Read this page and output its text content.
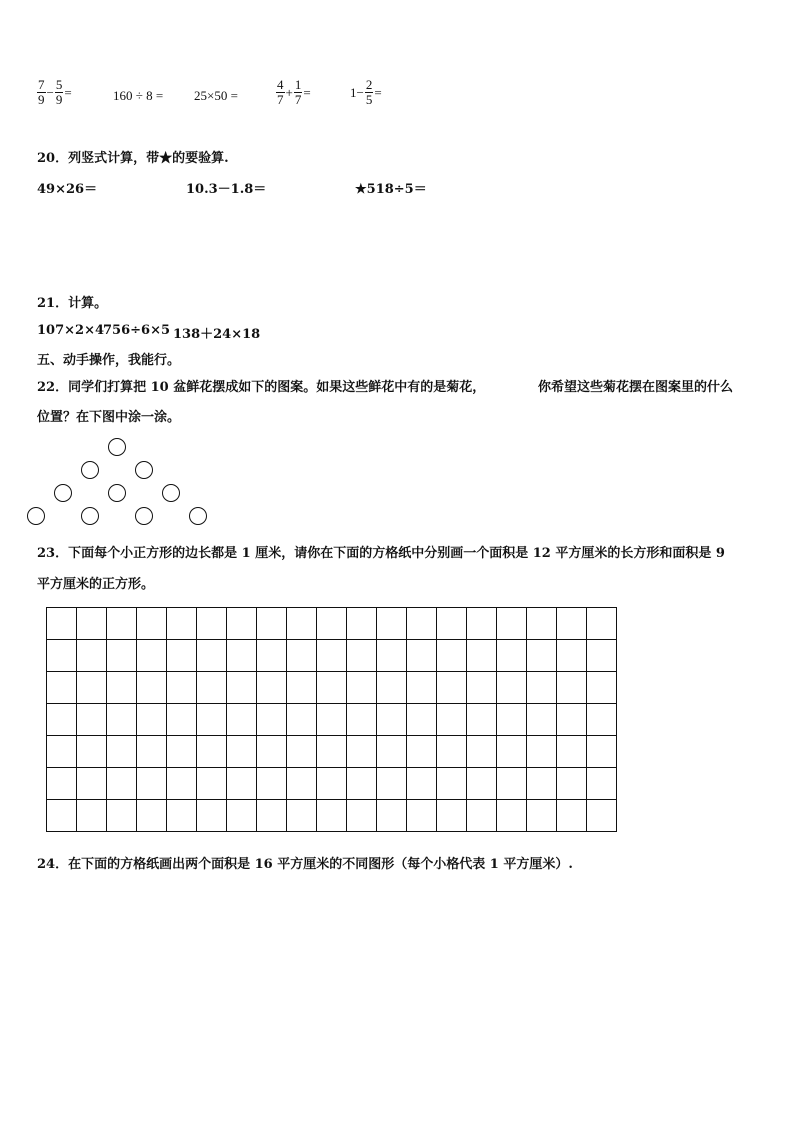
$\frac{7}{9} - \frac{5}{9}$ =	160 ÷ 8 = 25×50 =	$\frac{4}{7} + \frac{1}{7}$ =	$1- \frac{2}{5}$ =
20．列竖式计算，带★的要验算.
49×26＝	10.3－1.8＝	★518÷5＝
21．计算。
107×2×4
756÷6×5 138＋24×18
五、动手操作，我能行。
22．同学们打算把 10 盆鲜花摆成如下的图案。如果这些鲜花中有的是菊花，	你希望这些菊花摆在图案里的什么
位置？在下图中涂一涂。
23．下面每个小正方形的边长都是 1 厘米，请你在下面的方格纸中分别画一个面积是 12 平方厘米的长方形和面积是 9
平方厘米的正方形。

24．在下面的方格纸画出两个面积是 16 平方厘米的不同图形（每个小格代表 1 平方厘米）.
